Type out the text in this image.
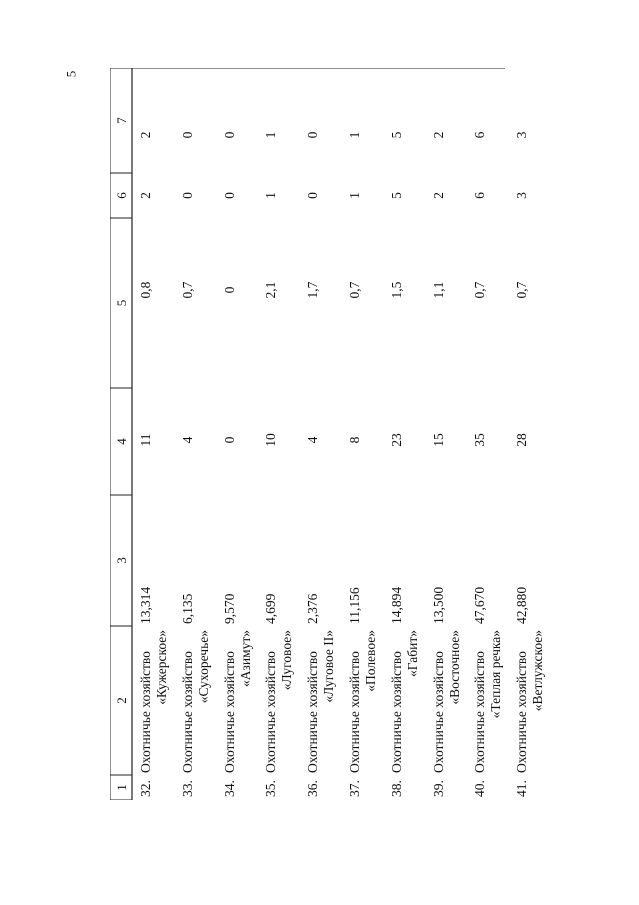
5
1
2
3
4
5
6
7
32.
Охотничье хозяйство «Кужерское»
13,314
11
0,8
2
2
33.
Охотничье хозяйство «Сухоречье»
6,135
4
0,7
0
0
34.
Охотничье хозяйство «Азимут»
9,570
0
0
0
0
35.
Охотничье хозяйство «Луговое»
4,699
10
2,1
1
1
36.
Охотничье хозяйство «Луговое II»
2,376
4
1,7
0
0
37.
Охотничье хозяйство «Полевое»
11,156
8
0,7
1
1
38.
Охотничье хозяйство «Габит»
14,894
23
1,5
5
5
39.
Охотничье хозяйство «Восточное»
13,500
15
1,1
2
2
40.
Охотничье хозяйство «Теплая речка»
47,670
35
0,7
6
6
41.
Охотничье хозяйство «Ветлужское»
42,880
28
0,7
3
3
